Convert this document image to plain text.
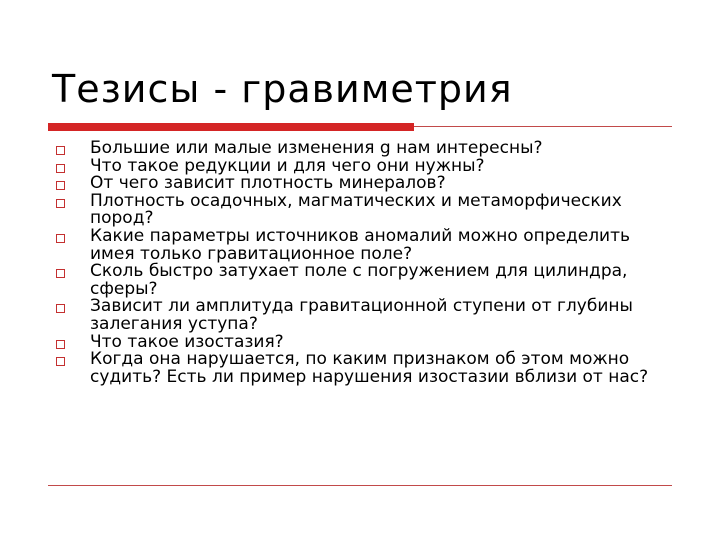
Тезисы - гравиметрия
Большие или малые изменения g нам интересны?
Что такое редукции и для чего они нужны?
От чего зависит плотность минералов?
Плотность осадочных, магматических и метаморфических пород?
Какие параметры источников аномалий можно определить имея только гравитационное поле?
Сколь быстро затухает поле с погружением для цилиндра, сферы?
Зависит ли амплитуда гравитационной ступени от глубины залегания уступа?
Что такое изостазия?
Когда она нарушается, по каким признаком об этом можно судить? Есть ли пример нарушения изостазии вблизи от нас?
